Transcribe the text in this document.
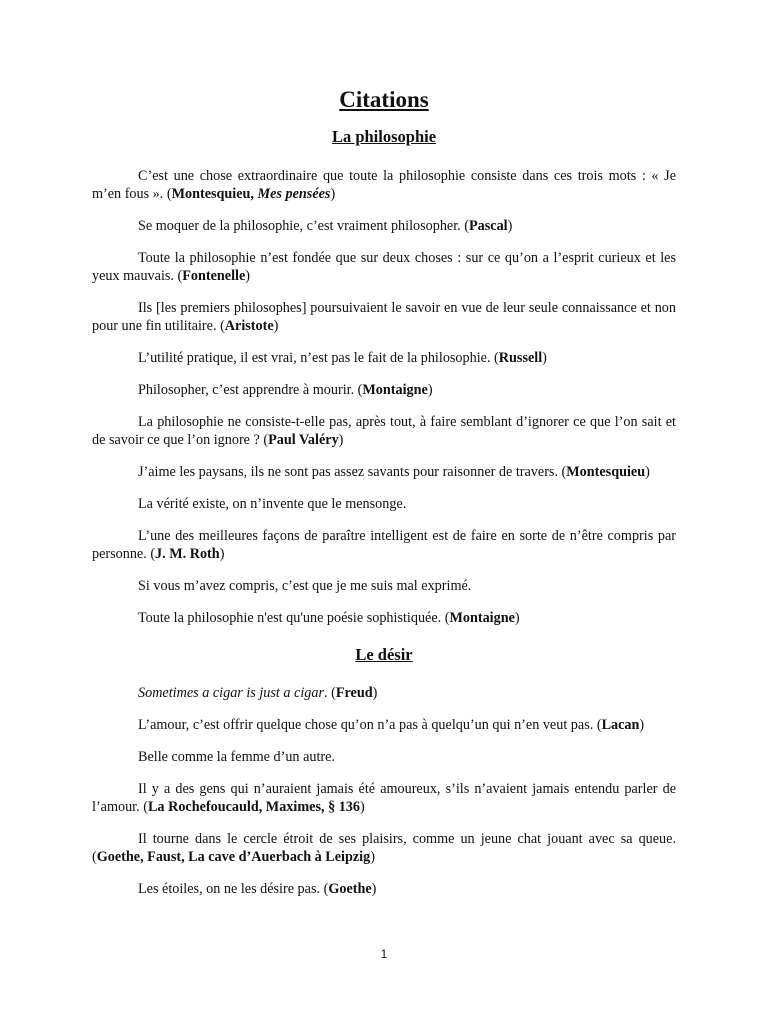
Citations
La philosophie

C’est une chose extraordinaire que toute la philosophie consiste dans ces trois mots : « Je m’en fous ». (Montesquieu, Mes pensées)

Se moquer de la philosophie, c’est vraiment philosopher. (Pascal)

Toute la philosophie n’est fondée que sur deux choses : sur ce qu’on a l’esprit curieux et les yeux mauvais. (Fontenelle)

Ils [les premiers philosophes] poursuivaient le savoir en vue de leur seule connaissance et non pour une fin utilitaire. (Aristote)

L’utilité pratique, il est vrai, n’est pas le fait de la philosophie. (Russell)

Philosopher, c’est apprendre à mourir. (Montaigne)

La philosophie ne consiste-t-elle pas, après tout, à faire semblant d’ignorer ce que l’on sait et de savoir ce que l’on ignore ? (Paul Valéry)

J’aime les paysans, ils ne sont pas assez savants pour raisonner de travers. (Montesquieu)

La vérité existe, on n’invente que le mensonge.

L’une des meilleures façons de paraître intelligent est de faire en sorte de n’être compris par personne. (J. M. Roth)

Si vous m’avez compris, c’est que je me suis mal exprimé.

Toute la philosophie n'est qu'une poésie sophistiquée. (Montaigne)

Le désir

Sometimes a cigar is just a cigar. (Freud)

L’amour, c’est offrir quelque chose qu’on n’a pas à quelqu’un qui n’en veut pas. (Lacan)

Belle comme la femme d’un autre.

Il y a des gens qui n’auraient jamais été amoureux, s’ils n’avaient jamais entendu parler de l’amour. (La Rochefoucauld, Maximes, § 136)

Il tourne dans le cercle étroit de ses plaisirs, comme un jeune chat jouant avec sa queue. (Goethe, Faust, La cave d’Auerbach à Leipzig)

Les étoiles, on ne les désire pas. (Goethe)

1
